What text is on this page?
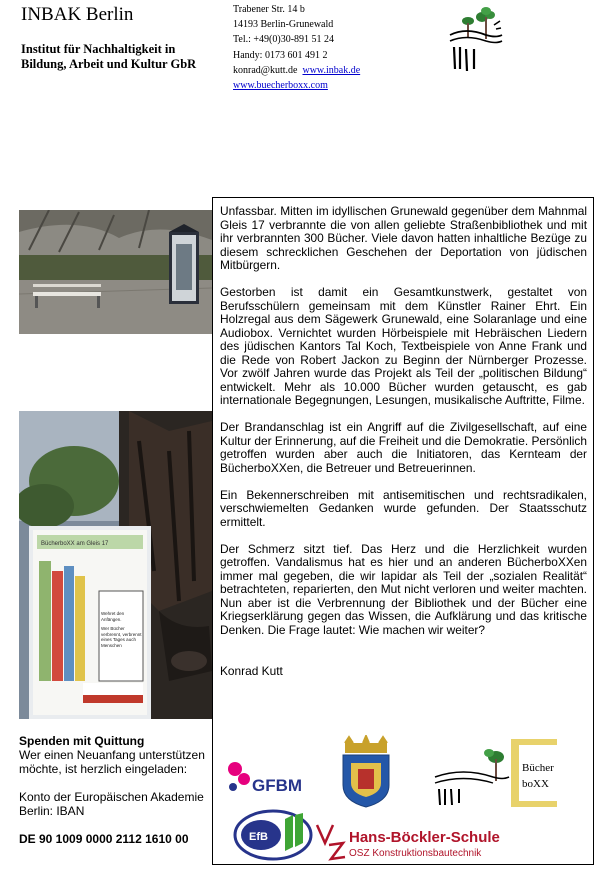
INBAK Berlin
Institut für Nachhaltigkeit in
Bildung, Arbeit und Kultur GbR
Trabener Str. 14 b
14193 Berlin-Grunewald
Tel.: +49(0)30-891 51 24
Handy: 0173 601 491 2
konrad@kutt.de www.inbak.de
www.buecherboxx.com
BücherboXX am Gleis 17
Wehret den Anfängen.
Wer Bücher verbrennt, verbrennt eines Tages auch Menschen

Unfassbar. Mitten im idyllischen Grunewald gegenüber dem Mahnmal Gleis 17 verbrannte die von allen geliebte Straßenbibliothek und mit ihr verbrannten 300 Bücher. Viele davon hatten inhaltliche Bezüge zu diesem schrecklichen Geschehen der Deportation von jüdischen Mitbürgern.

Gestorben ist damit ein Gesamtkunstwerk, gestaltet von Berufsschülern gemeinsam mit dem Künstler Rainer Ehrt. Ein Holzregal aus dem Sägewerk Grunewald, eine Solaranlage und eine Audiobox. Vernichtet wurden Hörbeispiele mit Hebräischen Liedern des jüdischen Kantors Tal Koch, Textbeispiele von Anne Frank und die Rede von Robert Jackon zu Beginn der Nürnberger Prozesse. Vor zwölf Jahren wurde das Projekt als Teil der „politischen Bildung“ entwickelt. Mehr als 10.000 Bücher wurden getauscht, es gab internationale Begegnungen, Lesungen, musikalische Auftritte, Filme.

Der Brandanschlag ist ein Angriff auf die Zivilgesellschaft, auf eine Kultur der Erinnerung, auf die Freiheit und die Demokratie. Persönlich getroffen wurden aber auch die Initiatoren, das Kernteam der BücherboXXen, die Betreuer und Betreuerinnen.

Ein Bekennerschreiben mit antisemitischen und rechtsradikalen, verschwiemelten Gedanken wurde gefunden. Der Staatsschutz ermittelt.

Der Schmerz sitzt tief. Das Herz und die Herzlichkeit wurden getroffen. Vandalismus hat es hier und an anderen BücherboXXen immer mal gegeben, die wir lapidar als Teil der „sozialen Realität“ betrachteten, reparierten, den Mut nicht verloren und weiter machten. Nun aber ist die Verbrennung der Bibliothek und der Bücher eine Kriegserklärung gegen das Wissen, die Aufklärung und das kritische Denken. Die Frage lautet: Wie machen wir weiter?

Konrad Kutt
Spenden mit Quittung
Wer einen Neuanfang unterstützen
möchte, ist herzlich eingeladen:
Konto der Europäischen Akademie
Berlin: IBAN
DE 90 1009 0000 2112 1610 00
GFBM
Bücher
boXX
EfB	Hans-Böckler-Schule
OSZ Konstruktionsbautechnik
